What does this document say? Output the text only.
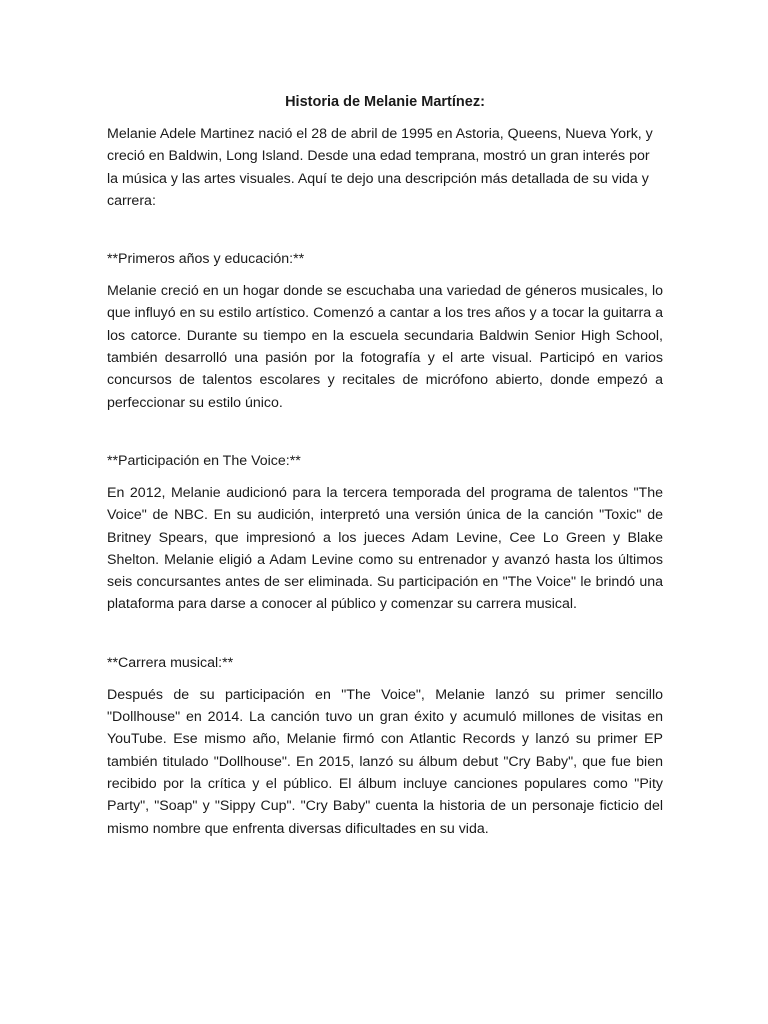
Historia de Melanie Martínez:

Melanie Adele Martinez nació el 28 de abril de 1995 en Astoria, Queens, Nueva York, y creció en Baldwin, Long Island. Desde una edad temprana, mostró un gran interés por la música y las artes visuales. Aquí te dejo una descripción más detallada de su vida y carrera:

**Primeros años y educación:**

Melanie creció en un hogar donde se escuchaba una variedad de géneros musicales, lo que influyó en su estilo artístico. Comenzó a cantar a los tres años y a tocar la guitarra a los catorce. Durante su tiempo en la escuela secundaria Baldwin Senior High School, también desarrolló una pasión por la fotografía y el arte visual. Participó en varios concursos de talentos escolares y recitales de micrófono abierto, donde empezó a perfeccionar su estilo único.

**Participación en The Voice:**

En 2012, Melanie audicionó para la tercera temporada del programa de talentos "The Voice" de NBC. En su audición, interpretó una versión única de la canción "Toxic" de Britney Spears, que impresionó a los jueces Adam Levine, Cee Lo Green y Blake Shelton. Melanie eligió a Adam Levine como su entrenador y avanzó hasta los últimos seis concursantes antes de ser eliminada. Su participación en "The Voice" le brindó una plataforma para darse a conocer al público y comenzar su carrera musical.

**Carrera musical:**

Después de su participación en "The Voice", Melanie lanzó su primer sencillo "Dollhouse" en 2014. La canción tuvo un gran éxito y acumuló millones de visitas en YouTube. Ese mismo año, Melanie firmó con Atlantic Records y lanzó su primer EP también titulado "Dollhouse". En 2015, lanzó su álbum debut "Cry Baby", que fue bien recibido por la crítica y el público. El álbum incluye canciones populares como "Pity Party", "Soap" y "Sippy Cup". "Cry Baby" cuenta la historia de un personaje ficticio del mismo nombre que enfrenta diversas dificultades en su vida.
